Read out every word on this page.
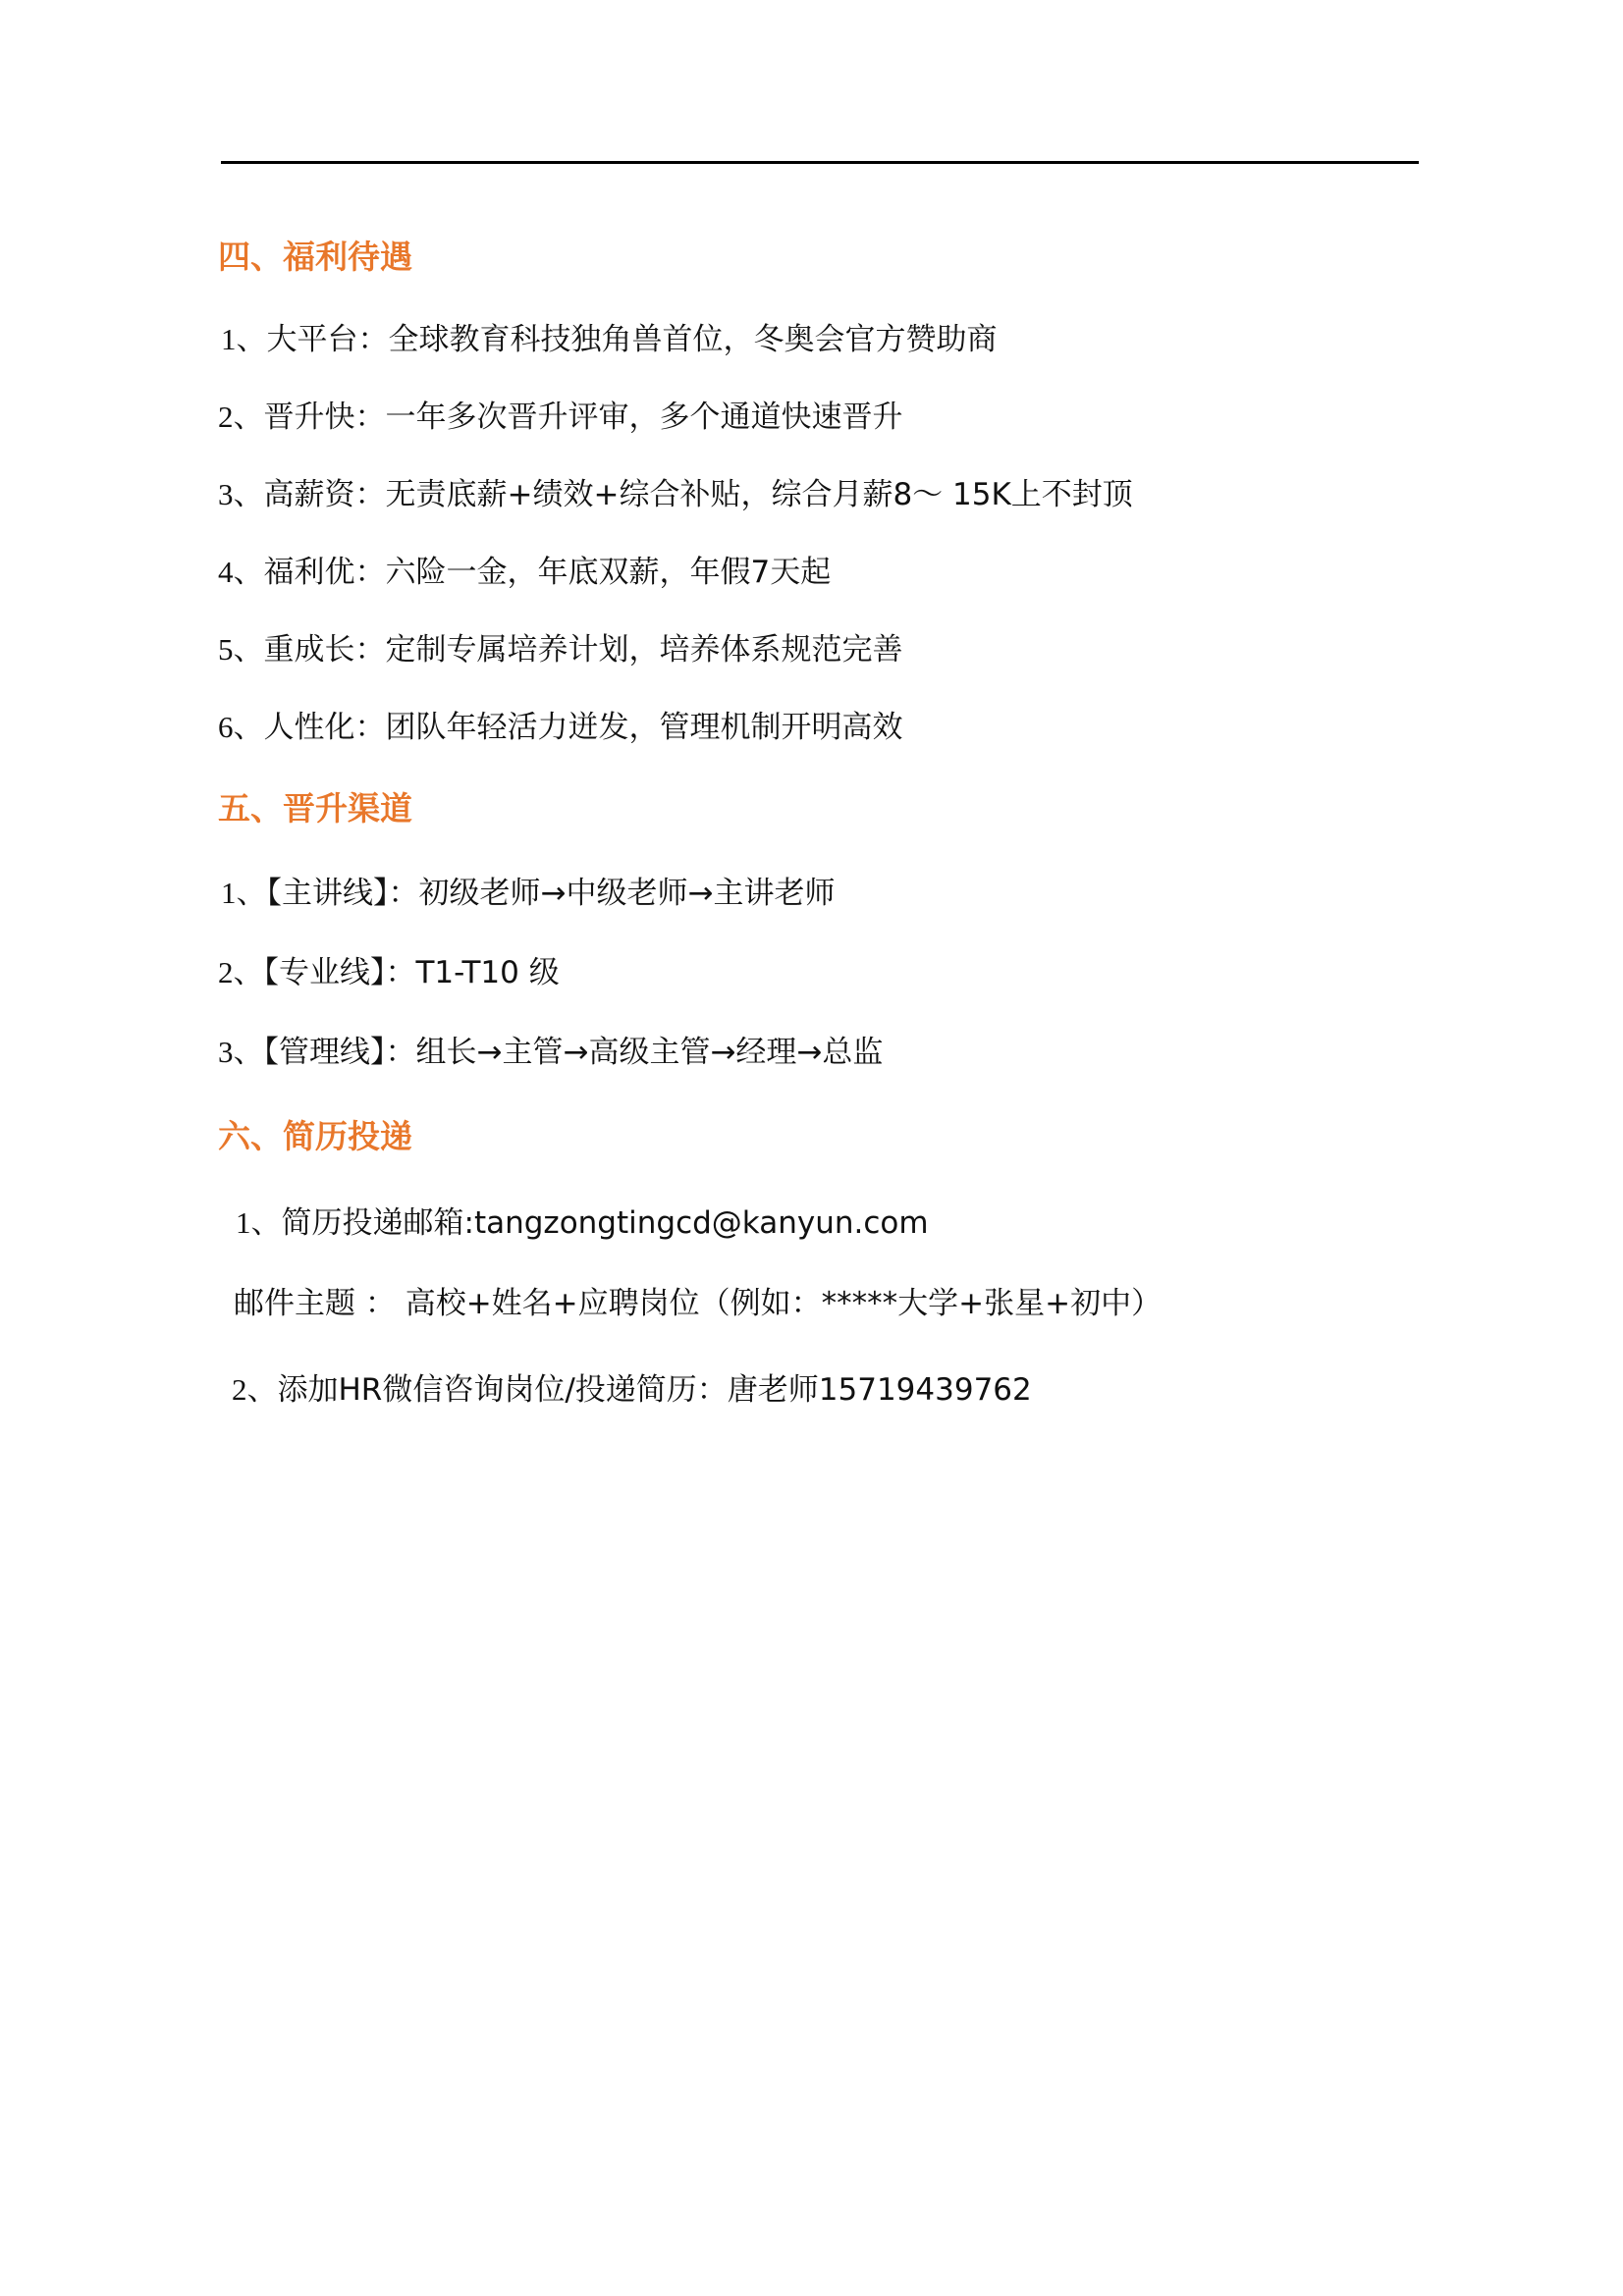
四、福利待遇
1、大平台：全球教育科技独角兽首位，冬奥会官方赞助商
2、晋升快：一年多次晋升评审，多个通道快速晋升
3、高薪资：无责底薪+绩效+综合补贴，综合月薪8～ 15K上不封顶
4、福利优：六险一金，年底双薪，年假7天起
5、重成长：定制专属培养计划，培养体系规范完善
6、人性化：团队年轻活力迸发，管理机制开明高效
五、晋升渠道
1、【主讲线】：初级老师→中级老师→主讲老师
2、【专业线】：T1-T10 级
3、【管理线】：组长→主管→高级主管→经理→总监
六、简历投递
1、简历投递邮箱:tangzongtingcd@kanyun.com
邮件主题 ： 高校+姓名+应聘岗位（例如：*****大学+张星+初中）
2、添加HR微信咨询岗位/投递简历：唐老师15719439762
